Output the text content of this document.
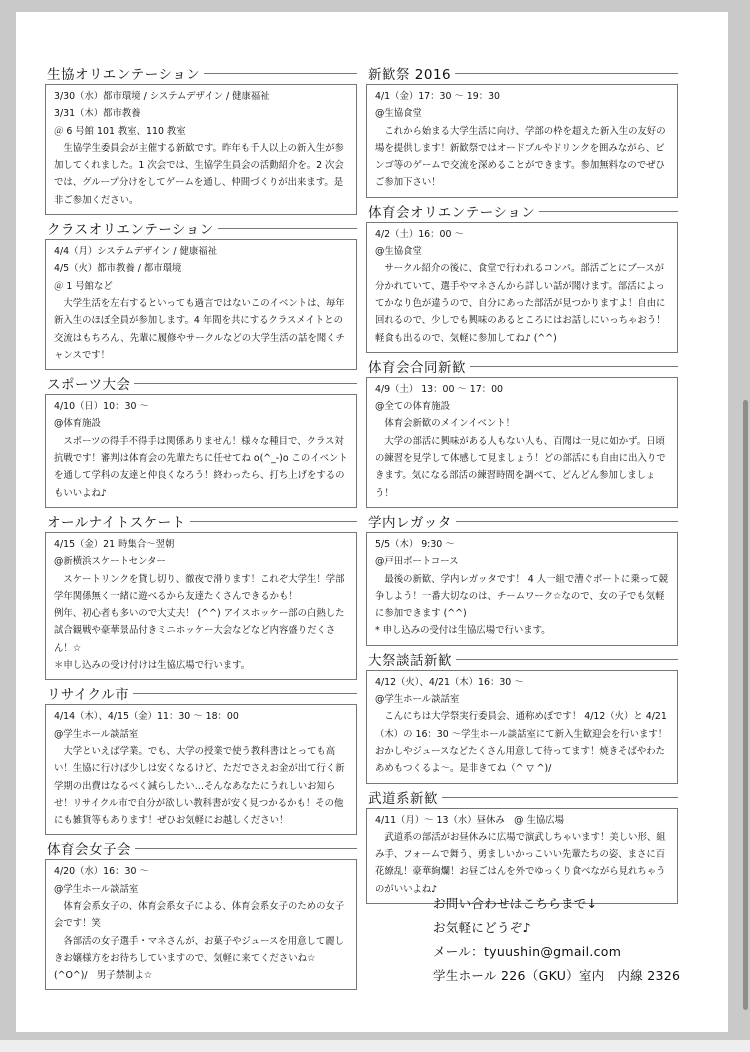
生協オリエンテーション

3/30（水）都市環境 / システムデザイン / 健康福祉

3/31（木）都市教養

＠ 6 号館 101 教室、110 教室

生協学生委員会が主催する新歓です。昨年も千人以上の新入生が参加してくれました。1 次会では、生協学生員会の活動紹介を。2 次会では、グループ分けをしてゲームを通し、仲間づくりが出来ます。是非ご参加ください。

クラスオリエンテーション

4/4（月）システムデザイン / 健康福祉

4/5（火）都市教養 / 都市環境

＠ 1 号館など

大学生活を左右するといっても過言ではないこのイベントは、毎年新入生のほぼ全員が参加します。4 年間を共にするクラスメイトとの交流はもちろん、先輩に履修やサークルなどの大学生活の話を聞くチャンスです！

スポーツ大会

4/10（日）10：30 ～

@体育施設

スポーツの得手不得手は関係ありません！様々な種目で、クラス対抗戦です！審判は体育会の先輩たちに任せてね o(^_-)o このイベントを通して学科の友達と仲良くなろう！終わったら、打ち上げをするのもいいよね♪

オールナイトスケート

4/15（金）21 時集合～翌朝

@新横浜スケートセンター

スケートリンクを貸し切り、徹夜で滑ります！これぞ大学生！学部学年関係無く一緒に遊べるから友達たくさんできるかも！

例年、初心者も多いので大丈夫！ (^^) アイスホッケー部の白熱した試合観戦や豪華景品付きミニホッケー大会などなど内容盛りだくさん！☆

＊申し込みの受け付けは生協広場で行います。

リサイクル市

4/14（木）、4/15（金）11：30 ～ 18：00

@学生ホール談話室

大学といえば学業。でも、大学の授業で使う教科書はとっても高い！生協に行けば少しは安くなるけど、ただでさえお金が出て行く新学期の出費はなるべく減らしたい…そんなあなたにうれしいお知らせ！リサイクル市で自分が欲しい教科書が安く見つかるかも！その他にも雑貨等もあります！ぜひお気軽にお越しください！

体育会女子会

4/20（水）16：30 ～

@学生ホール談話室

体育会系女子の、体育会系女子による、体育会系女子のための女子会です！笑

各部活の女子選手・マネさんが、お菓子やジュースを用意して麗しきお嬢様方をお待ちしていますので、気軽に来てくださいね☆ (^O^)/　男子禁制よ☆

新歓祭 2016

4/1（金）17：30 ～ 19：30

@生協食堂

これから始まる大学生活に向け、学部の枠を超えた新入生の友好の場を提供します！新歓祭ではオードブルやドリンクを囲みながら、ビンゴ等のゲームで交流を深めることができます。参加無料なのでぜひご参加下さい！

体育会オリエンテーション

4/2（土）16：00 ～

@生協食堂

サークル紹介の後に、食堂で行われるコンパ。部活ごとにブースが分かれていて、選手やマネさんから詳しい話が聞けます。部活によってかなり色が違うので、自分にあった部活が見つかりますよ！自由に回れるので、少しでも興味のあるところにはお話しにいっちゃおう！軽食も出るので、気軽に参加してね♪ (^^)

体育会合同新歓

4/9（土） 13：00 ～ 17：00

@全ての体育施設

体育会新歓のメインイベント！

大学の部活に興味がある人もない人も、百聞は一見に如かず。日頃の練習を見学して体感して見ましょう！どの部活にも自由に出入りできます。気になる部活の練習時間を調べて、どんどん参加しましょう！

学内レガッタ

5/5（木） 9:30 ～

@戸田ボートコース

最後の新歓、学内レガッタです！ 4 人一組で漕ぐボートに乗って競争しよう！一番大切なのは、チームワーク☆なので、女の子でも気軽に参加できます (^^)

* 申し込みの受付は生協広場で行います。

大祭談話新歓

4/12（火）、4/21（木）16：30 ～

@学生ホール談話室

こんにちは大学祭実行委員会、通称めぼです！ 4/12（火）と 4/21（木）の 16：30 ～学生ホール談話室にて新入生歓迎会を行います！おかしやジュースなどたくさん用意して待ってます！焼きそばやわたあめもつくるよ～。是非きてね（^ ▽ ^)/

武道系新歓

4/11（月）～ 13（水）昼休み　@ 生協広場

武道系の部活がお昼休みに広場で演武しちゃいます！美しい形、組み手、フォームで舞う、勇ましいかっこいい先輩たちの姿、まさに百花繚乱！豪華絢爛！お昼ごはんを外でゆっくり食べながら見れちゃうのがいいよね♪

お問い合わせはこちらまで↓

お気軽にどうぞ♪

メール：tyuushin@gmail.com

学生ホール 226（GKU）室内　内線 2326
